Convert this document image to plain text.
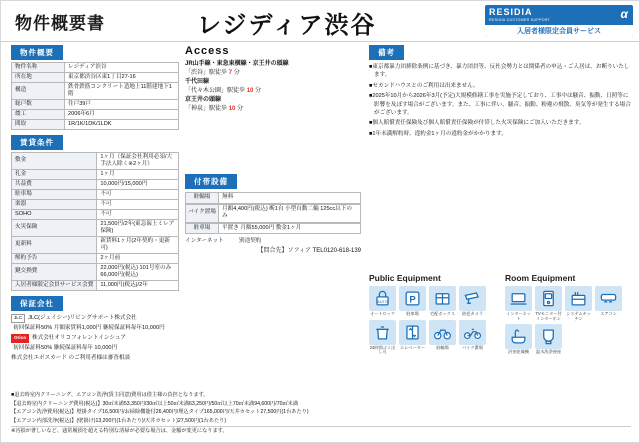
物件概要書	レジディア渋谷	RESIDIA
RESIDIA CUSTOMER SUPPORT	α
入居者様限定会員サービス
物件概要
物件名称	レジディア渋谷
所在地	東京都渋谷区東1丁目27-16
構造	鉄骨鉄筋コンクリート造地上11階建地下1階
総戸数	住戸39戸
竣工	2006年6月
間取	1R/1K/1DK/1LDK
賃貸条件
敷金	1ヶ月（保証会社利用必須/大手法人除く※2ヶ月）
礼金	1ヶ月
共益費	10,000円/15,000円
駐車場	不可
楽器	不可
SOHO	不可
火災保険	21,500円/2年(東急海上ミレア保険)
更新料	新賃料1ヶ月(2年契約・更新可)
解約予告	2ヶ月前
鍵交換費	22,000円(税込) 101号室のみ66,000円(税込)
入居者様限定会員サービス会費	11,000円(税込)/2年
保証会社
JLC	JLC(ジェイシー)リビングサポート株式会社
初回保証料50% 月額家賃料1,000円 継続保証料毎年10,000円
Orico	株式会社オリコフォレントインシュア
初回保証料50% 継続保証料毎年 10,000円
株式会社エポスカード のご利用者様は審査相談
Access
JR山手線・東急東横線・京王井の頭線
「渋谷」駅徒歩 7 分
千代田線
「代々木公園」駅徒歩 10 分
京王井の頭線
「神泉」駅徒歩 10 分
付帯設備
駐輪場	無料
バイク置場
月額4,400円(税込) 断1台 小型自動二輪 125cc以下のみ
駐車場	平置き 月額55,000円 敷金1ヶ月
インターネット	別途契約
【問合先】ソフィア TEL0120-618-139
備考
■東京都暴力団排除条例に基づき、暴力団員等、反社会勢力とは関係者の申込・ご入居は、お断りいたします。
■セカンドハウスとのご利用は出来ません。
■2025年10月から2026年3月(予定)大規模修繕工事を実施予定しており、工事中は騒音、振動、日照等に影響を及ぼす場合がございます。また、工事に伴い、騒音、振動、粉塵の飛散、臭気等が発生する場合がございます。
■個人賠償責任保険及び個人賠償責任保険が付帯した火災保険にご加入いただきます。
■1年未満解約時、違約金1ヶ月の違約金がかかります。
Public Equipment
AUTO
オートロック
P
駐車場	宅配ボックス	防犯カメラ
24時間ゴミ出し可
エレベーター	駐輪場	バイク置場
Room Equipment
インターネット
TVモニター付インターホン
システムキッチン
エアコン
浴室乾燥機	温水洗浄便座
■退去時室内クリーニング、エアコン洗浄(賃主同意)費用は借主様の負担となります。
【退去時室内クリーニング費用(税込)】30㎡未満53,350円/30㎡以上50㎡未満63,250円/50㎡以上70㎡未満94,600円/70㎡未満
【エアコン洗浄費用(税込)】壁掛タイプ16,500円/お掃除機能付26,400円/埋込タイプ165,000円/天井カセット27,500円(1台あたり)
【エアコン内部洗浄(税込)】(壁掛け)13,200円(1台あたり)/天井カセット)27,500円(1台あたり)
※汚損が著しいなど、通常履損を超える特別な清掃が必要な場合は、金額が変更になります。
